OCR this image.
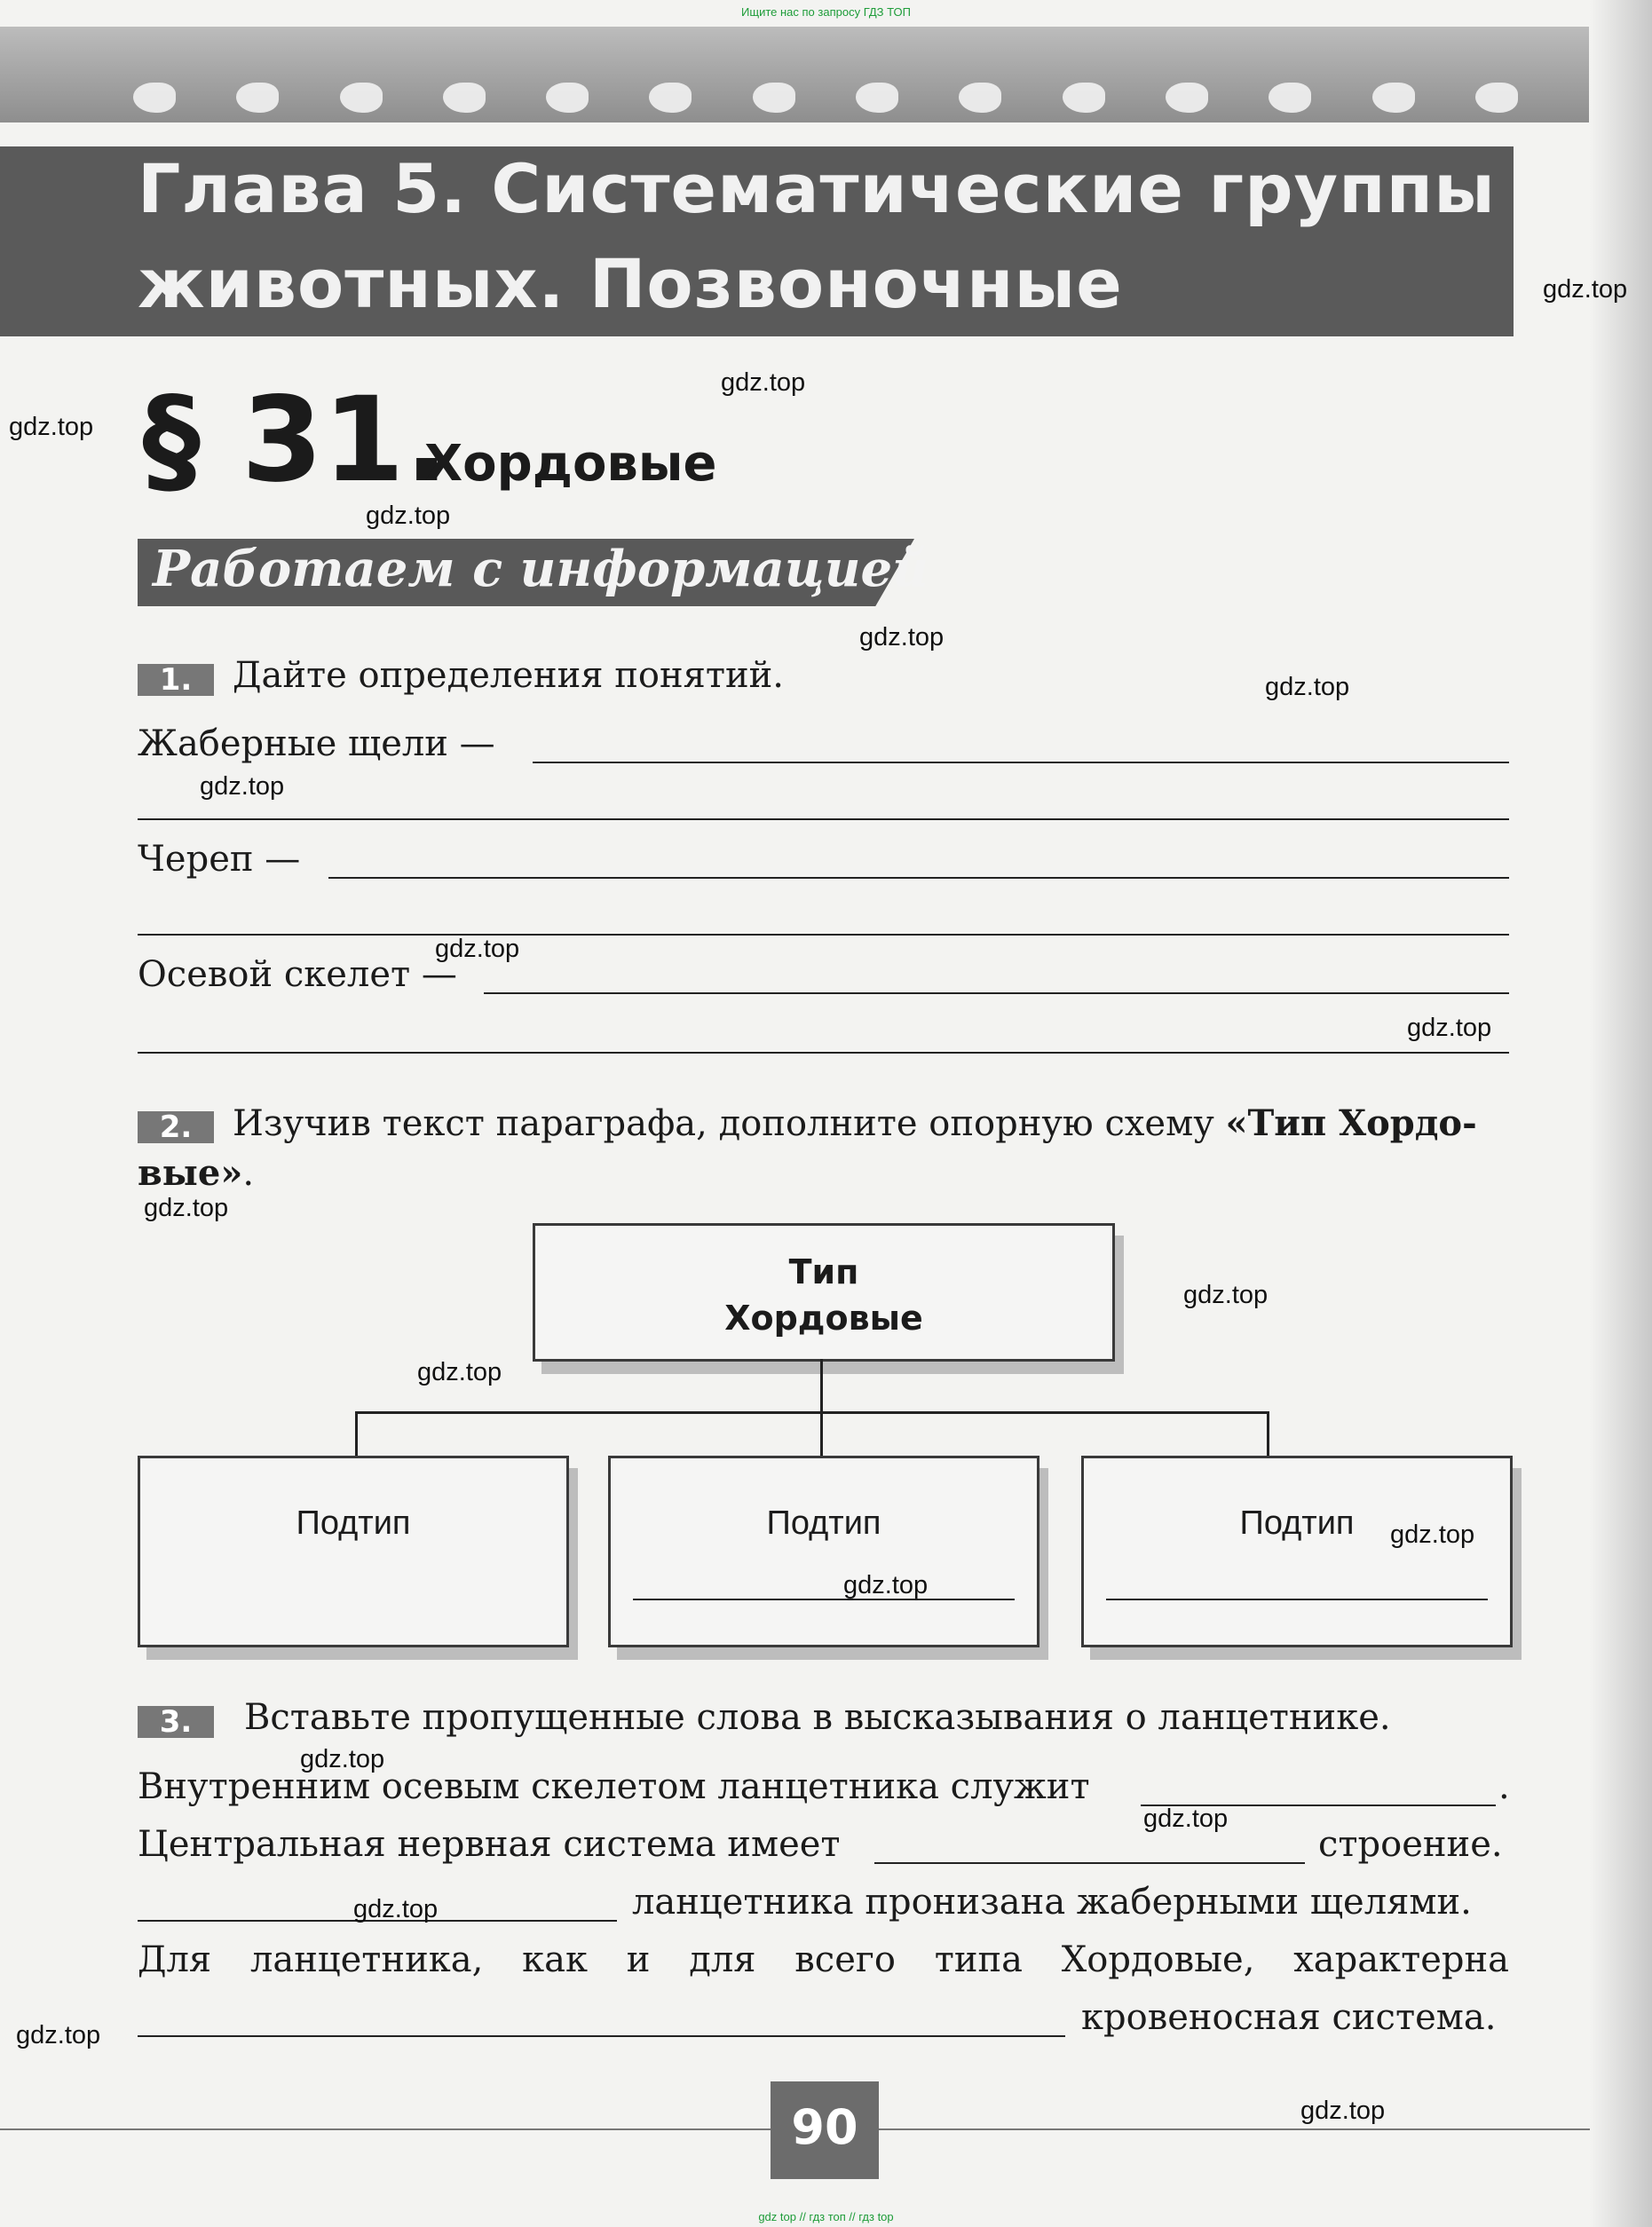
Ищите нас по запросу ГДЗ ТОП
Глава 5. Систематические группы
животных. Позвоночные
§ 31.
Хордовые
Работаем с информацией
1.	Дайте определения понятий.
Жаберные щели —
Череп —
Осевой скелет —
2.	Изучив текст параграфа, дополните опорную схему «Тип Хордо-
вые».
Тип
Хордовые
Подтип	Подтип	Подтип
3.	Вставьте пропущенные слова в высказывания о ланцетнике.
Внутренним осевым скелетом ланцетника служит	.
Центральная нервная система имеет	строение.
ланцетника пронизана жаберными щелями.
Для ланцетника, как и для всего типа Хордовые, характерна
кровеносная система.
90
gdz.top
gdz.top
gdz.top
gdz.top
gdz.top
gdz.top
gdz.top
gdz.top
gdz.top
gdz.top
gdz.top
gdz.top
gdz.top
gdz.top
gdz.top
gdz.top
gdz.top
gdz.top
gdz.top
gdz top // гдз топ // гдз top
